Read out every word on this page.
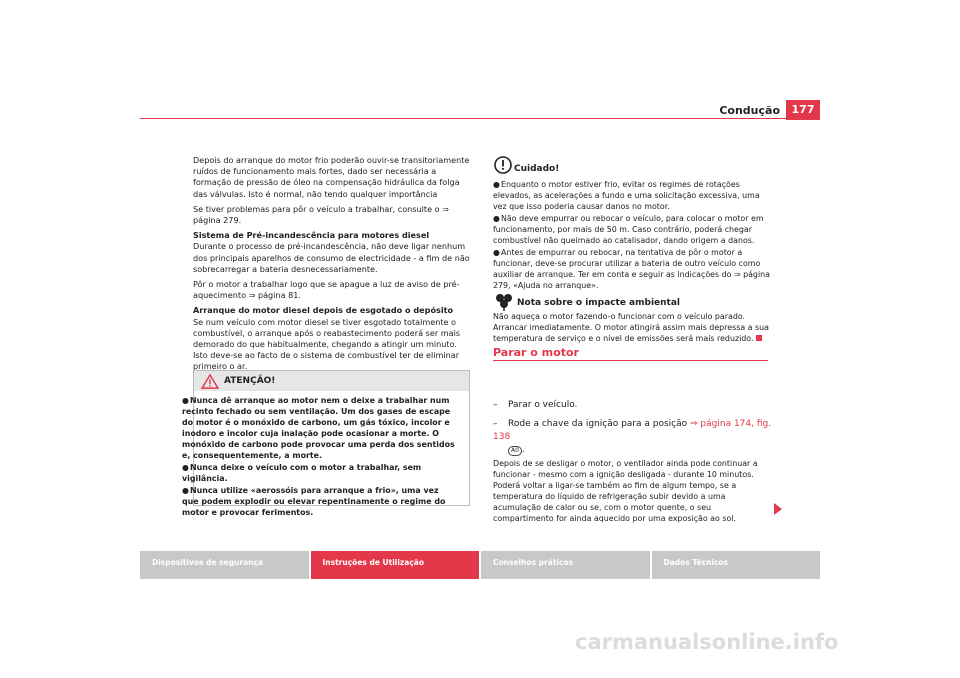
Condução	177

Depois do arranque do motor frio poderão ouvir-se transitoriamente ruídos de funcionamento mais fortes, dado ser necessária a formação de pressão de óleo na compensação hidráulica da folga das válvulas. Isto é normal, não tendo qualquer importância

Se tiver problemas para pôr o veículo a trabalhar, consulte o ⇒ página 279.

Sistema de Pré-incandescência para motores diesel

Durante o processo de pré-incandescência, não deve ligar nenhum dos principais aparelhos de consumo de electricidade - a fim de não sobrecarregar a bateria desnecessariamente.

Pôr o motor a trabalhar logo que se apague a luz de aviso de pré-aquecimento ⇒ página 81.

Arranque do motor diesel depois de esgotado o depósito

Se num veículo com motor diesel se tiver esgotado totalmente o combustível, o arranque após o reabastecimento poderá ser mais demorado do que habitualmente, chegando a atingir um minuto. Isto deve-se ao facto de o sistema de combustível ter de eliminar primeiro o ar.

ATENÇÃO!

●Nunca dê arranque ao motor nem o deixe a trabalhar num recinto fechado ou sem ventilação. Um dos gases de escape do motor é o monóxido de carbono, um gás tóxico, incolor e inodoro e incolor cuja inalação pode ocasionar a morte. O monóxido de carbono pode provocar uma perda dos sentidos e, consequentemente, a morte.

●Nunca deixe o veículo com o motor a trabalhar, sem vigilância.

●Nunca utilize «aerossóis para arranque a frio», uma vez que podem explodir ou elevar repentinamente o regime do motor e provocar ferimentos.

Cuidado!

●Enquanto o motor estiver frio, evitar os regimes de rotações elevados, as acelerações a fundo e uma solicitação excessiva, uma vez que isso poderia causar danos no motor.

●Não deve empurrar ou rebocar o veículo, para colocar o motor em funcionamento, por mais de 50 m. Caso contrário, poderá chegar combustível não queimado ao catalisador, dando origem a danos.

●Antes de empurrar ou rebocar, na tentativa de pôr o motor a funcionar, deve-se procurar utilizar a bateria de outro veículo como auxiliar de arranque. Ter em conta e seguir as indicações do ⇒ página 279, «Ajuda no arranque».

Nota sobre o impacte ambiental
Não aqueça o motor fazendo-o funcionar com o veículo parado. Arrancar imediatamente. O motor atingirá assim mais depressa a sua temperatura de serviço e o nível de emissões será mais reduzido.
Parar o motor
– Parar o veículo.
– Rode a chave da ignição para a posição ⇒ página 174, fig. 138
A0 .
Depois de se desligar o motor, o ventilador ainda pode continuar a funcionar - mesmo com a ignição desligada - durante 10 minutos. Poderá voltar a ligar-se também ao fim de algum tempo, se a temperatura do líquido de refrigeração subir devido a uma acumulação de calor ou se, com o motor quente, o seu compartimento for ainda aquecido por uma exposição ao sol.
Dispositivos de segurança	Instruções de Utilização	Conselhos práticos	Dados Técnicos
carmanualsonline.info
